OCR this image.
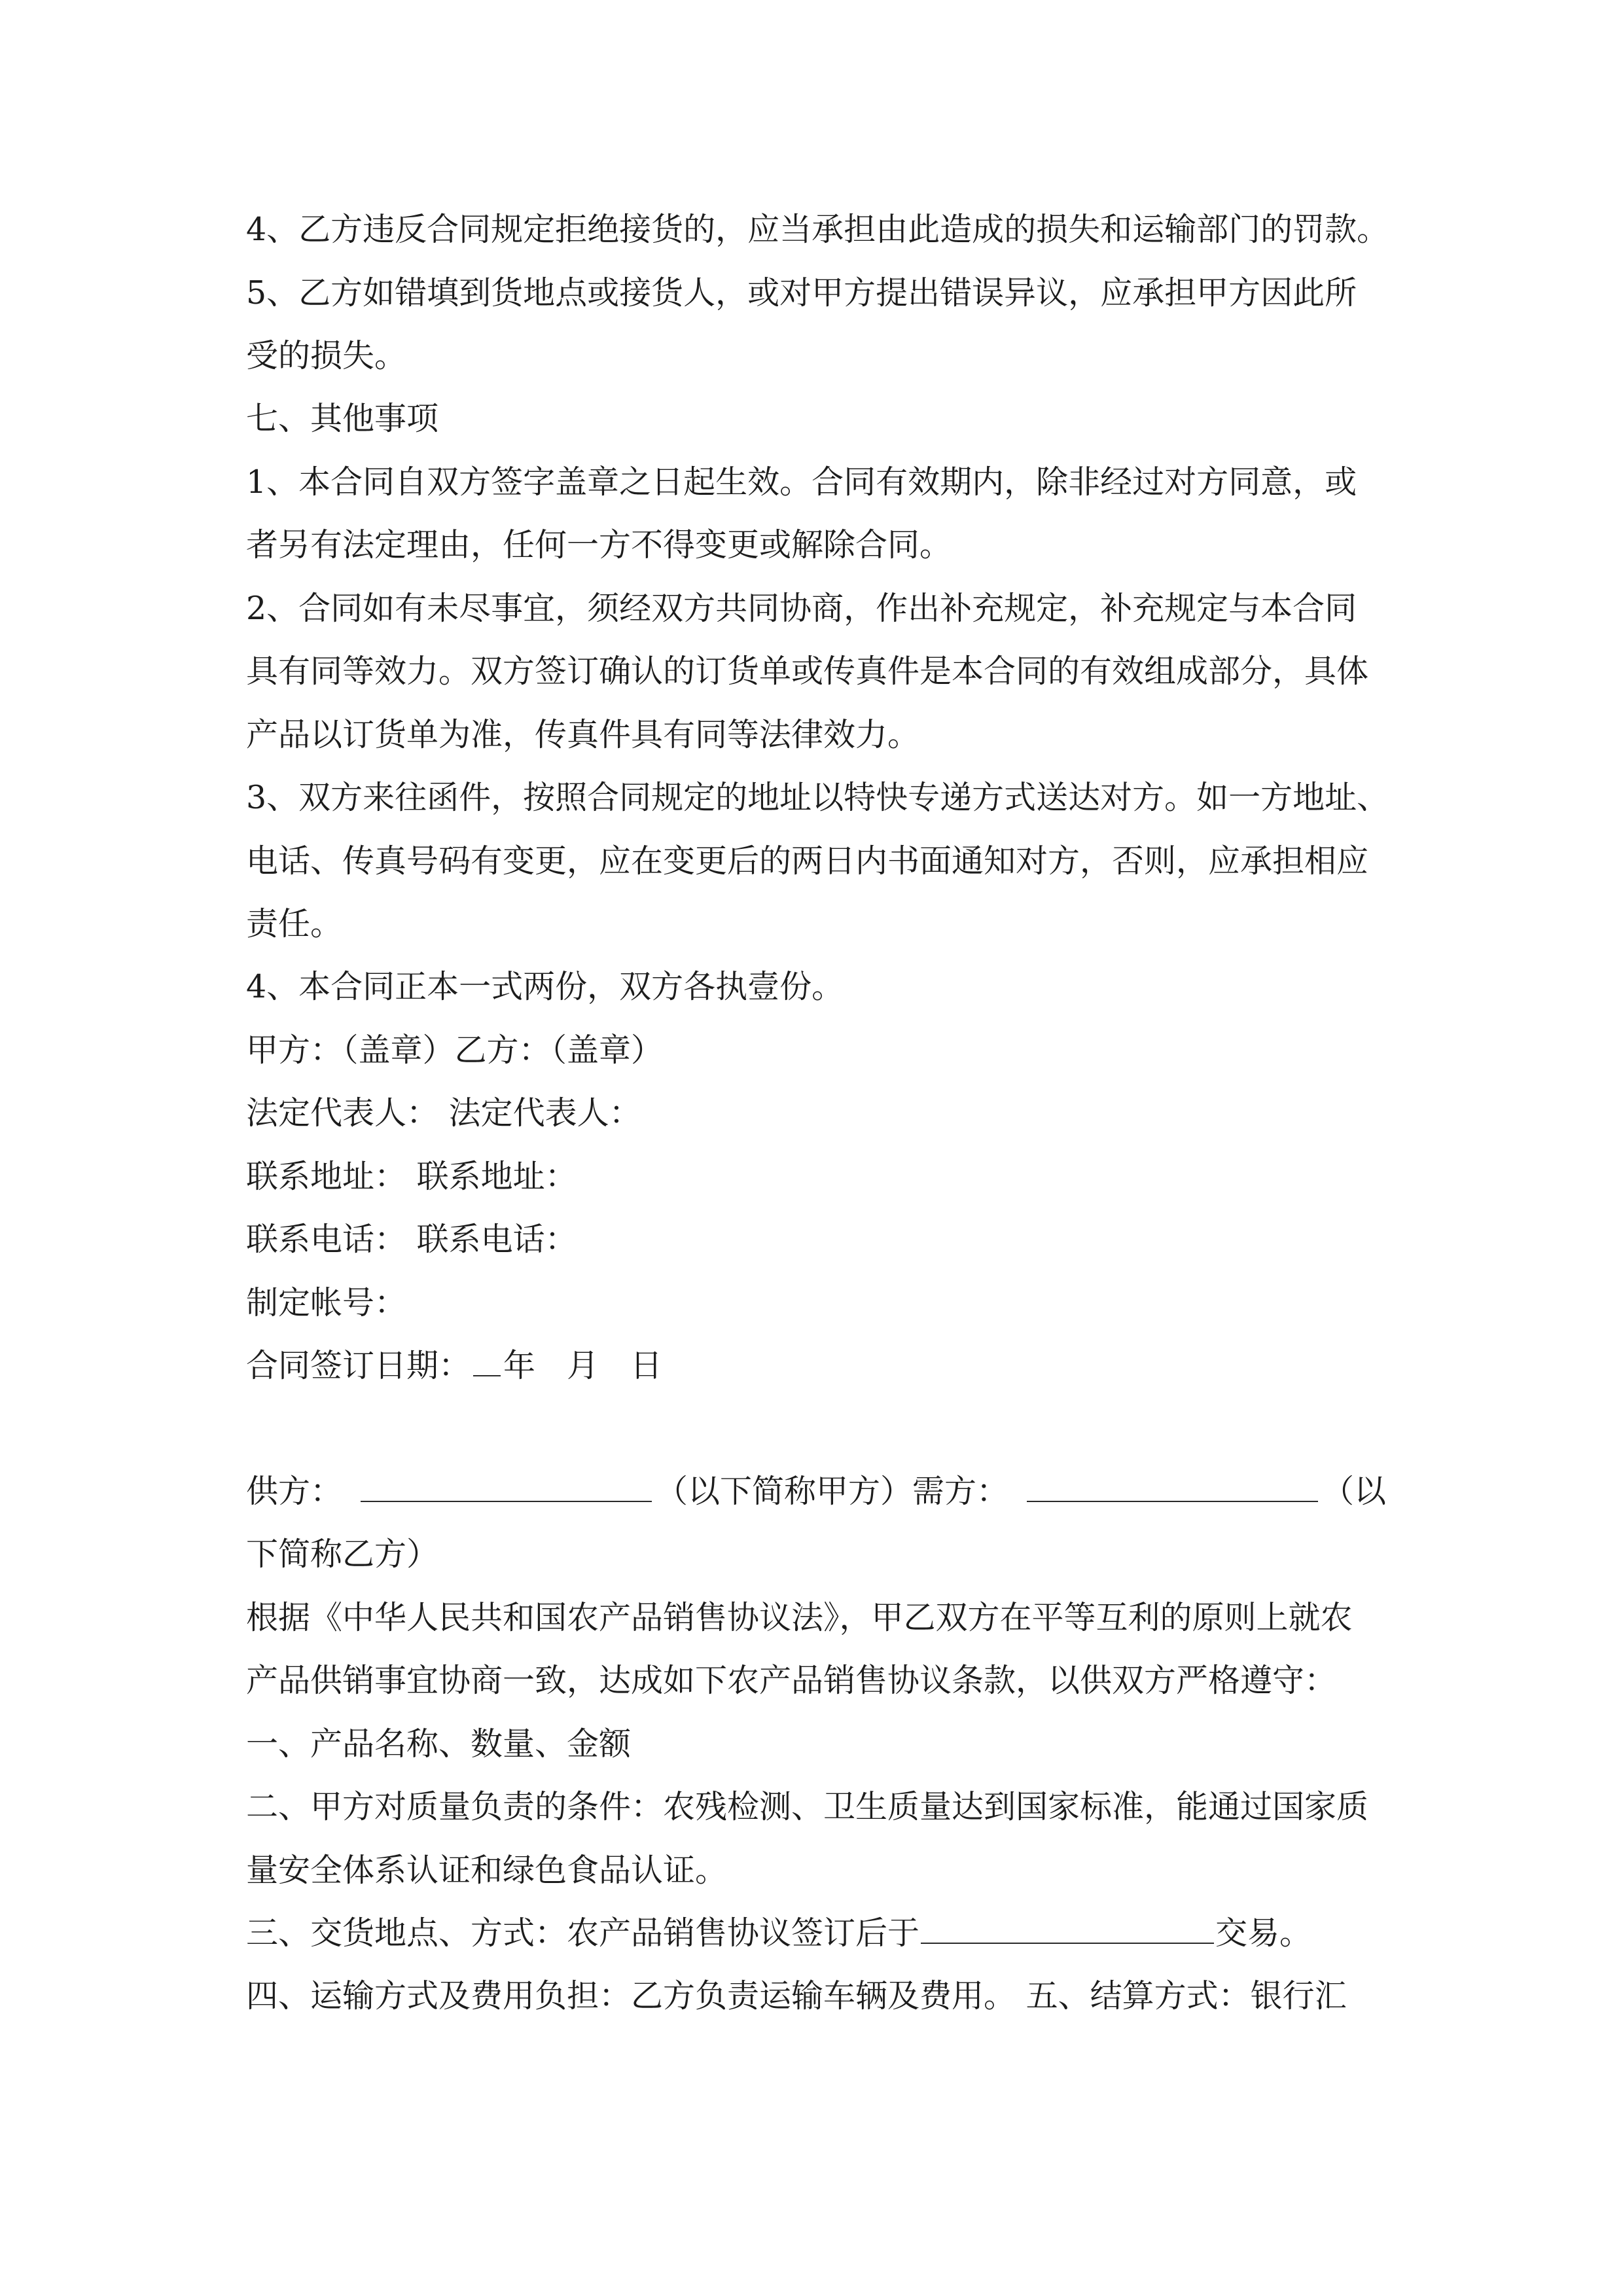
4、乙方违反合同规定拒绝接货的，应当承担由此造成的损失和运输部门的罚款。

5、乙方如错填到货地点或接货人，或对甲方提出错误异议，应承担甲方因此所

受的损失。

七、其他事项

1、本合同自双方签字盖章之日起生效。合同有效期内，除非经过对方同意，或

者另有法定理由，任何一方不得变更或解除合同。

2、合同如有未尽事宜，须经双方共同协商，作出补充规定，补充规定与本合同

具有同等效力。双方签订确认的订货单或传真件是本合同的有效组成部分，具体

产品以订货单为准，传真件具有同等法律效力。

3、双方来往函件，按照合同规定的地址以特快专递方式送达对方。如一方地址、

电话、传真号码有变更，应在变更后的两日内书面通知对方，否则，应承担相应

责任。

4、本合同正本一式两份，双方各执壹份。

甲方：（盖章）乙方：（盖章）

法定代表人： 法定代表人：

联系地址： 联系地址：

联系电话： 联系电话：

制定帐号：

合同签订日期： 年 月 日

供方：	（以下简称甲方）需方：	（以

下简称乙方）

根据《中华人民共和国农产品销售协议法》，甲乙双方在平等互利的原则上就农

产品供销事宜协商一致，达成如下农产品销售协议条款，以供双方严格遵守：

一、产品名称、数量、金额

二、甲方对质量负责的条件：农残检测、卫生质量达到国家标准，能通过国家质

量安全体系认证和绿色食品认证。

三、交货地点、方式：农产品销售协议签订后于	交易。

四、运输方式及费用负担：乙方负责运输车辆及费用。 五、结算方式：银行汇
